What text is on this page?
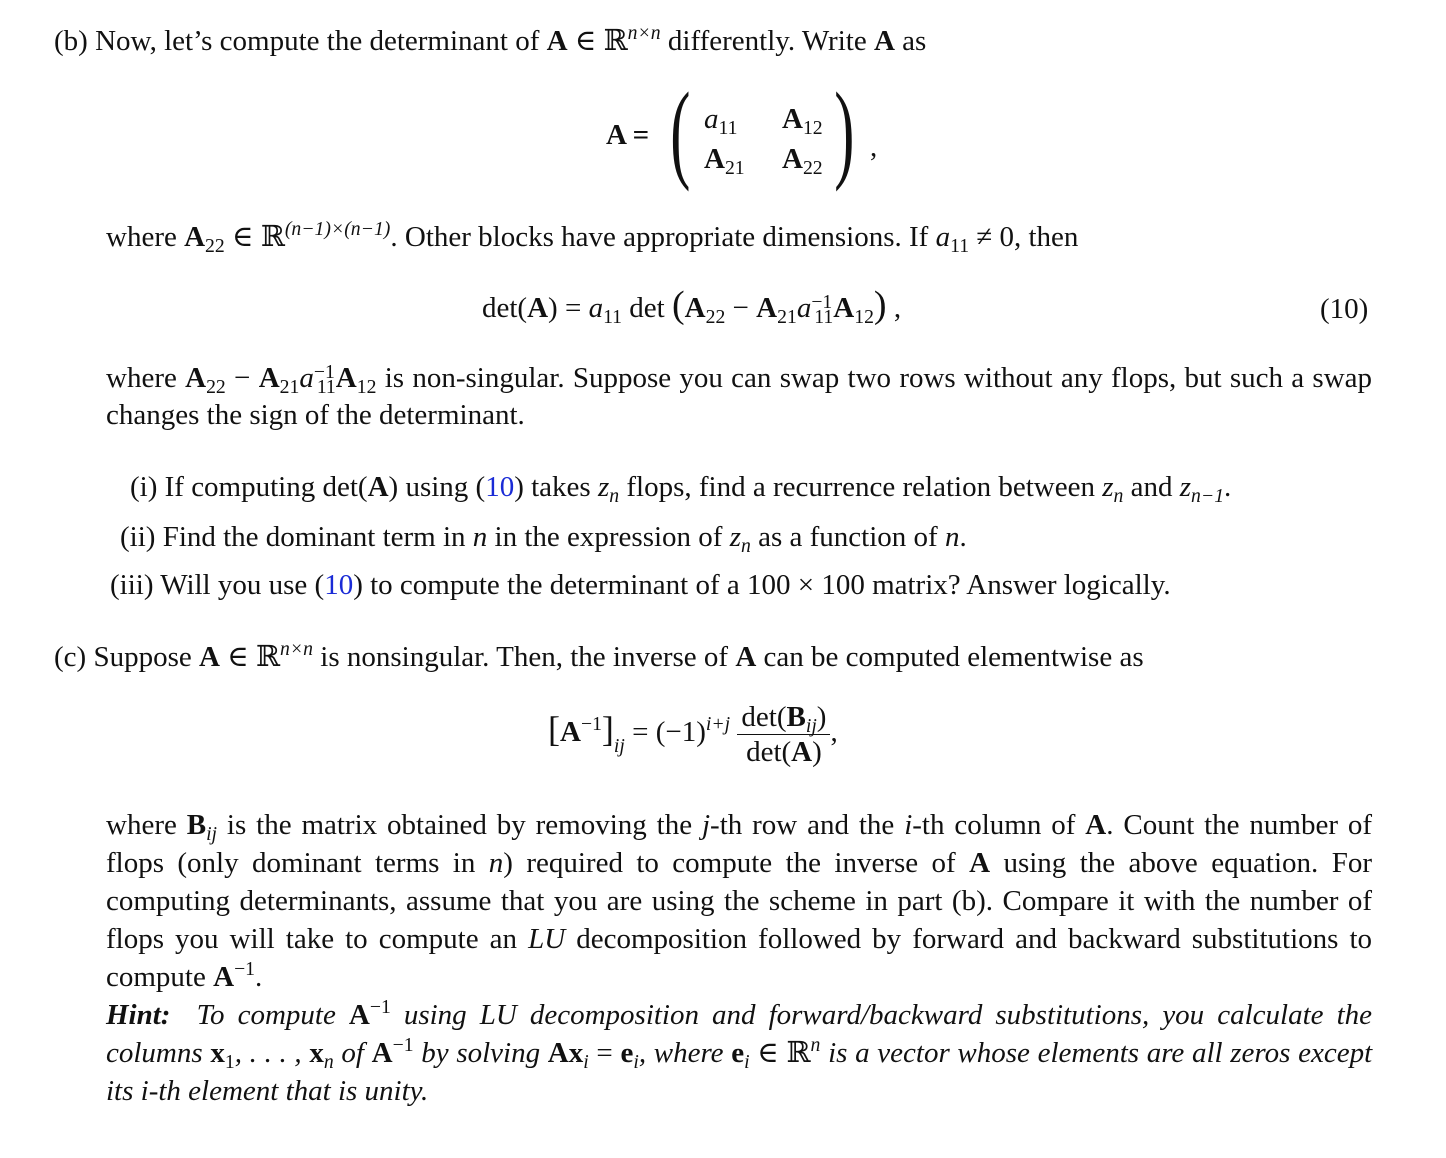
(b) Now, let’s compute the determinant of A ∈ ℝ$^{n\times n}$ differently. Write A as
A = ( )
$a_{11}$ $A_{12}$
$A_{21}$ $A_{22}$
,
where $A_{22}$ ∈ ℝ$^{(n-1)\times(n-1)}$. Other blocks have appropriate dimensions. If $a_{11} \ne 0$, then
$\det(A) = a_{11}$ $\det (A_{22} - A_{21}a^{-1}_{11}A_{12})$ ,	(10)
where $A_{22} - A_{21}a^{-1}_{11}A_{12}$ is non-singular. Suppose you can swap two rows without any flops, but such a swap changes the sign of the determinant.
(i) If computing det(A) using (10) takes $z_n$ flops, find a recurrence relation between $z_n$ and $z_{n-1}$.
(ii) Find the dominant term in n in the expression of $z_n$ as a function of n.
(iii) Will you use (10) to compute the determinant of a 100 × 100 matrix? Answer logically.
(c) Suppose A ∈ ℝ$^{n\times n}$ is nonsingular. Then, the inverse of A can be computed elementwise as
$[A^{-1}]_{ij} = (-1)^{i+j} \frac{\det(B_{ij})}{\det(A)}$ ,
where $B_{ij}$ is the matrix obtained by removing the j-th row and the i-th column of A. Count the number of flops (only dominant terms in n) required to compute the inverse of A using the above equation. For computing determinants, assume that you are using the scheme in part (b). Compare it with the number of flops you will take to compute an LU decomposition followed by forward and backward substitutions to compute $A^{-1}$.
Hint: To compute $A^{-1}$ using LU decomposition and forward/backward substitutions, you calculate the columns $x_1$, . . . , $x_n$ of $A^{-1}$ by solving $Ax_i = e_i$, where $e_i$ ∈ ℝ$^n$ is a vector whose elements are all zeros except its i-th element that is unity.
